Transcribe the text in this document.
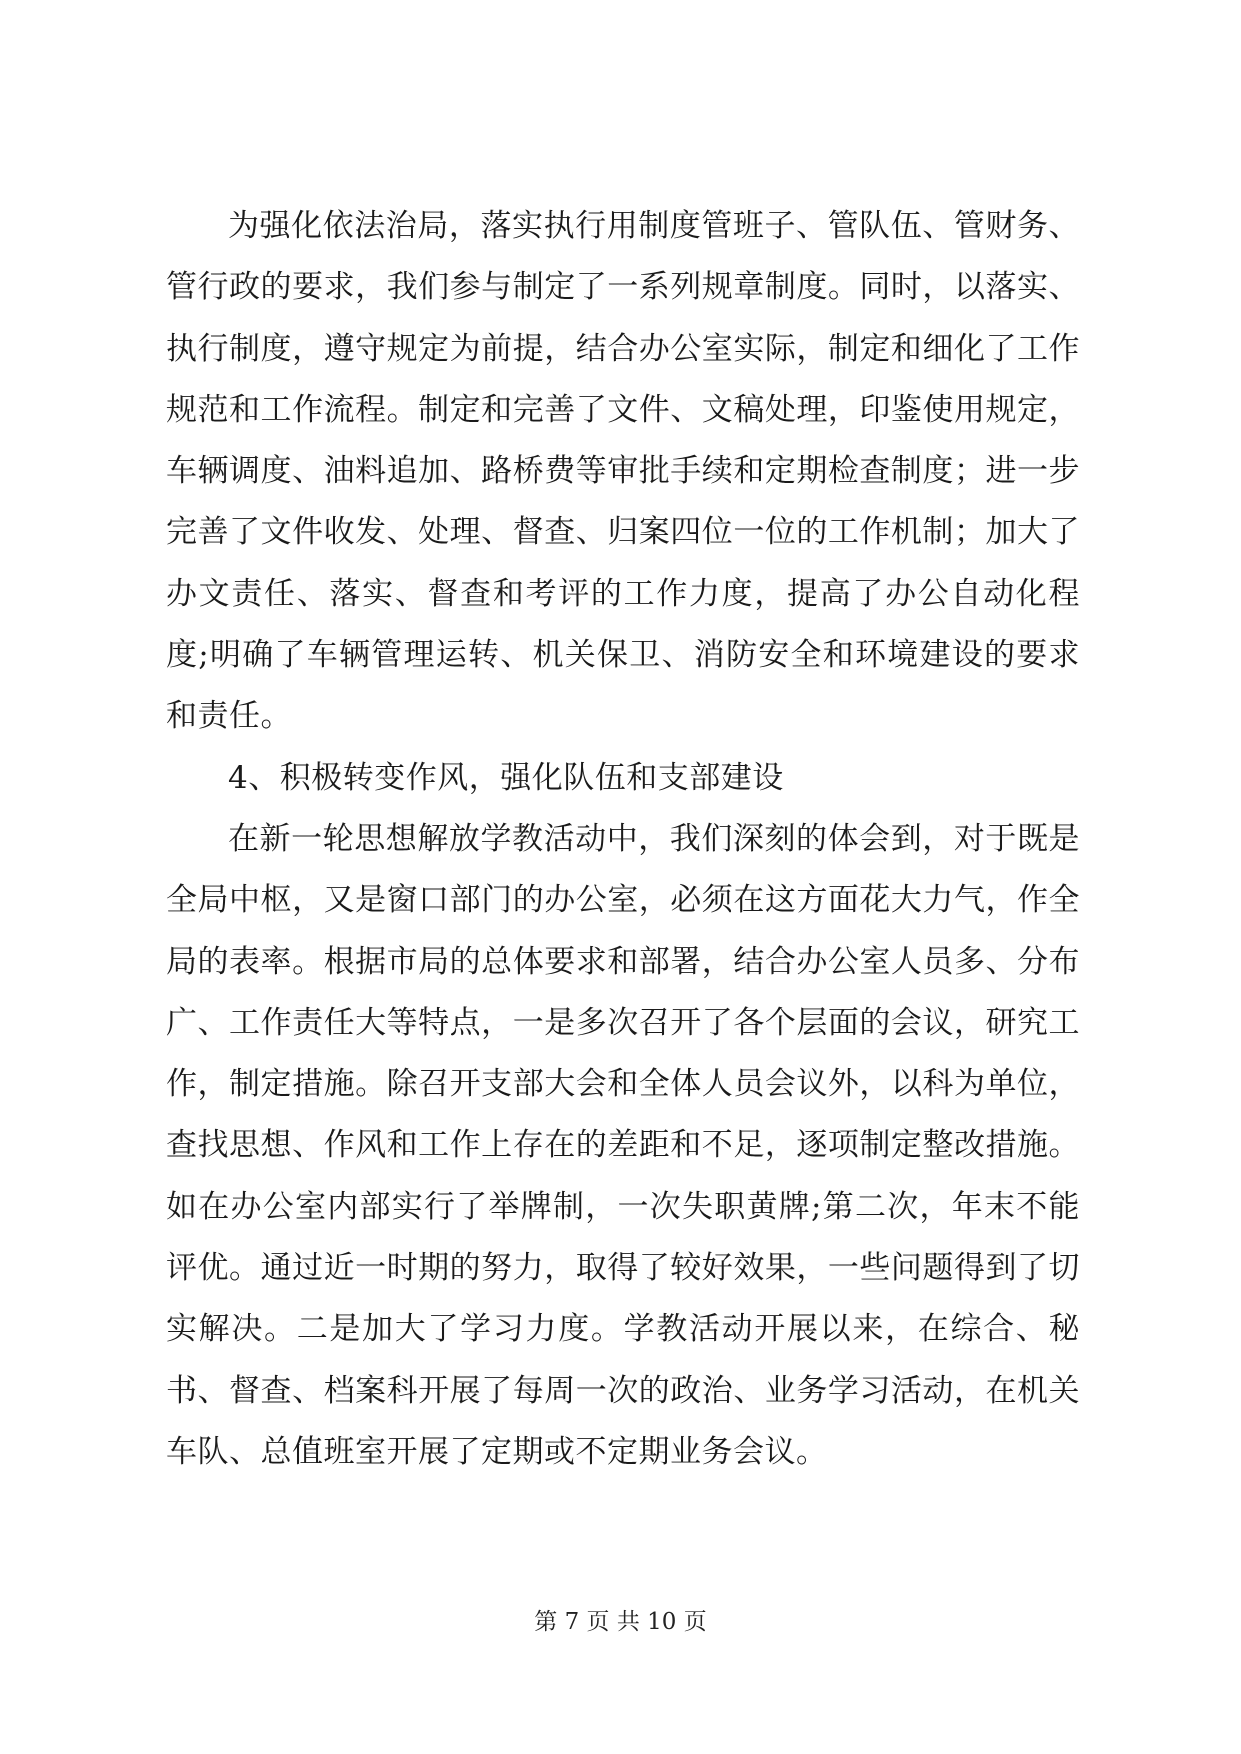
为强化依法治局，落实执行用制度管班子、管队伍、管财务、管行政的要求，我们参与制定了一系列规章制度。同时，以落实、执行制度，遵守规定为前提，结合办公室实际，制定和细化了工作规范和工作流程。制定和完善了文件、文稿处理，印鉴使用规定，车辆调度、油料追加、路桥费等审批手续和定期检查制度；进一步完善了文件收发、处理、督查、归案四位一位的工作机制；加大了办文责任、落实、督查和考评的工作力度，提高了办公自动化程度;明确了车辆管理运转、机关保卫、消防安全和环境建设的要求和责任。

4、积极转变作风，强化队伍和支部建设

在新一轮思想解放学教活动中，我们深刻的体会到，对于既是全局中枢，又是窗口部门的办公室，必须在这方面花大力气，作全局的表率。根据市局的总体要求和部署，结合办公室人员多、分布广、工作责任大等特点，一是多次召开了各个层面的会议，研究工作，制定措施。除召开支部大会和全体人员会议外，以科为单位，查找思想、作风和工作上存在的差距和不足，逐项制定整改措施。如在办公室内部实行了举牌制，一次失职黄牌;第二次，年末不能评优。通过近一时期的努力，取得了较好效果，一些问题得到了切实解决。二是加大了学习力度。学教活动开展以来，在综合、秘书、督查、档案科开展了每周一次的政治、业务学习活动，在机关车队、总值班室开展了定期或不定期业务会议。

第 7 页 共 10 页
